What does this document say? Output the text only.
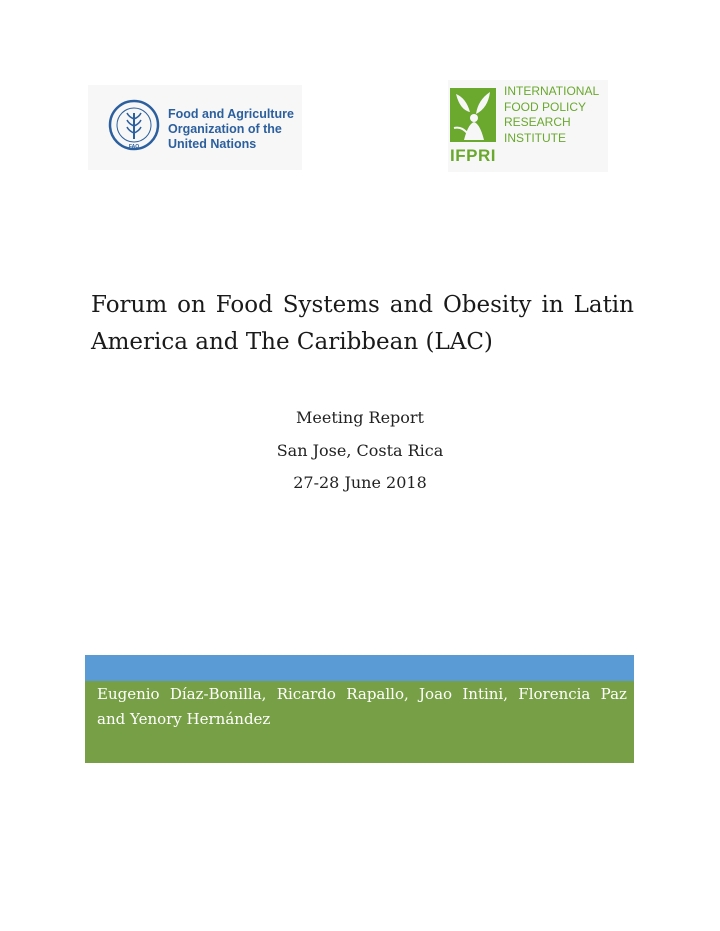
FAO
Food and Agriculture
Organization of the
United Nations
IFPRI
INTERNATIONAL
FOOD POLICY
RESEARCH
INSTITUTE
Forum on Food Systems and Obesity in Latin
America and The Caribbean (LAC)
Meeting Report
San Jose, Costa Rica
27-28 June 2018
Eugenio Díaz-Bonilla, Ricardo Rapallo, Joao Intini, Florencia Paz
and Yenory Hernández
